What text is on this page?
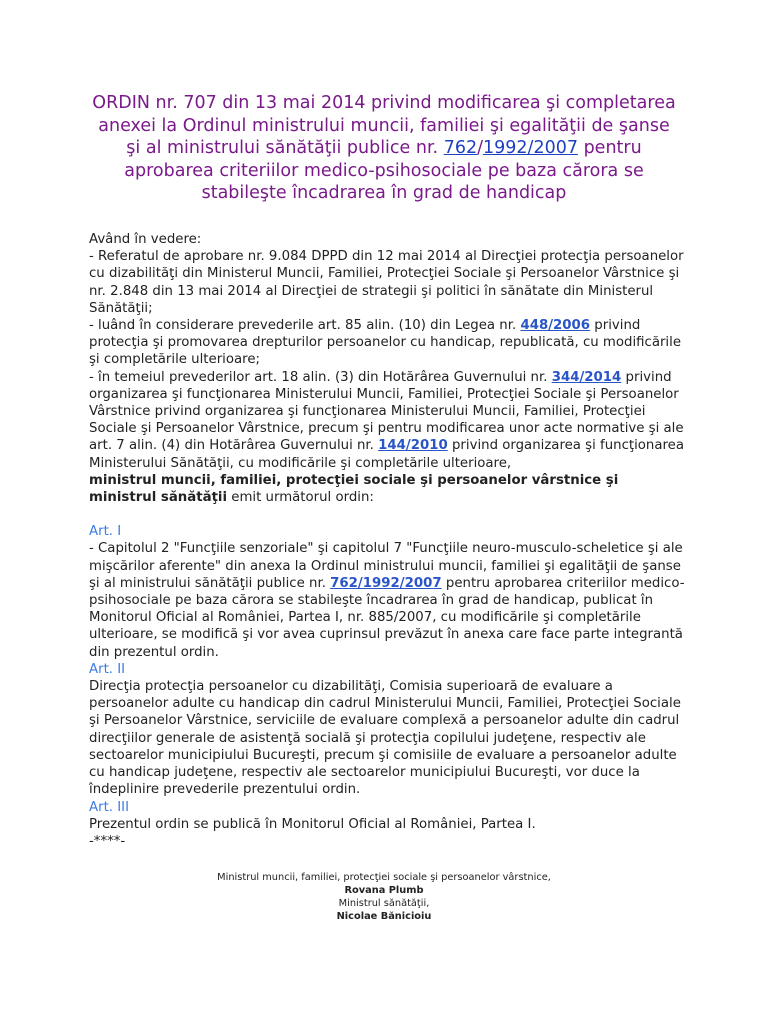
ORDIN nr. 707 din 13 mai 2014 privind modificarea şi completarea anexei la Ordinul ministrului muncii, familiei şi egalităţii de şanse şi al ministrului sănătăţii publice nr. 762/1992/2007 pentru aprobarea criteriilor medico-psihosociale pe baza cărora se stabileşte încadrarea în grad de handicap

Având în vedere:

- Referatul de aprobare nr. 9.084 DPPD din 12 mai 2014 al Direcţiei protecţia persoanelor cu dizabilităţi din Ministerul Muncii, Familiei, Protecţiei Sociale şi Persoanelor Vârstnice şi nr. 2.848 din 13 mai 2014 al Direcţiei de strategii şi politici în sănătate din Ministerul Sănătăţii;

- luând în considerare prevederile art. 85 alin. (10) din Legea nr. 448/2006 privind protecţia şi promovarea drepturilor persoanelor cu handicap, republicată, cu modificările şi completările ulterioare;

- în temeiul prevederilor art. 18 alin. (3) din Hotărârea Guvernului nr. 344/2014 privind organizarea şi funcţionarea Ministerului Muncii, Familiei, Protecţiei Sociale şi Persoanelor Vârstnice privind organizarea şi funcţionarea Ministerului Muncii, Familiei, Protecţiei Sociale şi Persoanelor Vârstnice, precum şi pentru modificarea unor acte normative şi ale art. 7 alin. (4) din Hotărârea Guvernului nr. 144/2010 privind organizarea şi funcţionarea Ministerului Sănătăţii, cu modificările şi completările ulterioare,

ministrul muncii, familiei, protecţiei sociale şi persoanelor vârstnice şi ministrul sănătăţii emit următorul ordin:

Art. I

- Capitolul 2 "Funcţiile senzoriale" şi capitolul 7 "Funcţiile neuro-musculo-scheletice şi ale mişcărilor aferente" din anexa la Ordinul ministrului muncii, familiei şi egalităţii de şanse şi al ministrului sănătăţii publice nr. 762/1992/2007 pentru aprobarea criteriilor medico-psihosociale pe baza cărora se stabileşte încadrarea în grad de handicap, publicat în Monitorul Oficial al României, Partea I, nr. 885/2007, cu modificările şi completările ulterioare, se modifică şi vor avea cuprinsul prevăzut în anexa care face parte integrantă din prezentul ordin.

Art. II

Direcţia protecţia persoanelor cu dizabilităţi, Comisia superioară de evaluare a persoanelor adulte cu handicap din cadrul Ministerului Muncii, Familiei, Protecţiei Sociale şi Persoanelor Vârstnice, serviciile de evaluare complexă a persoanelor adulte din cadrul direcţiilor generale de asistenţă socială şi protecţia copilului judeţene, respectiv ale sectoarelor municipiului Bucureşti, precum şi comisiile de evaluare a persoanelor adulte cu handicap judeţene, respectiv ale sectoarelor municipiului Bucureşti, vor duce la îndeplinire prevederile prezentului ordin.

Art. III

Prezentul ordin se publică în Monitorul Oficial al României, Partea I.

-****-

Ministrul muncii, familiei, protecţiei sociale şi persoanelor vârstnice,
Rovana Plumb
Ministrul sănătăţii,
Nicolae Bănicioiu
